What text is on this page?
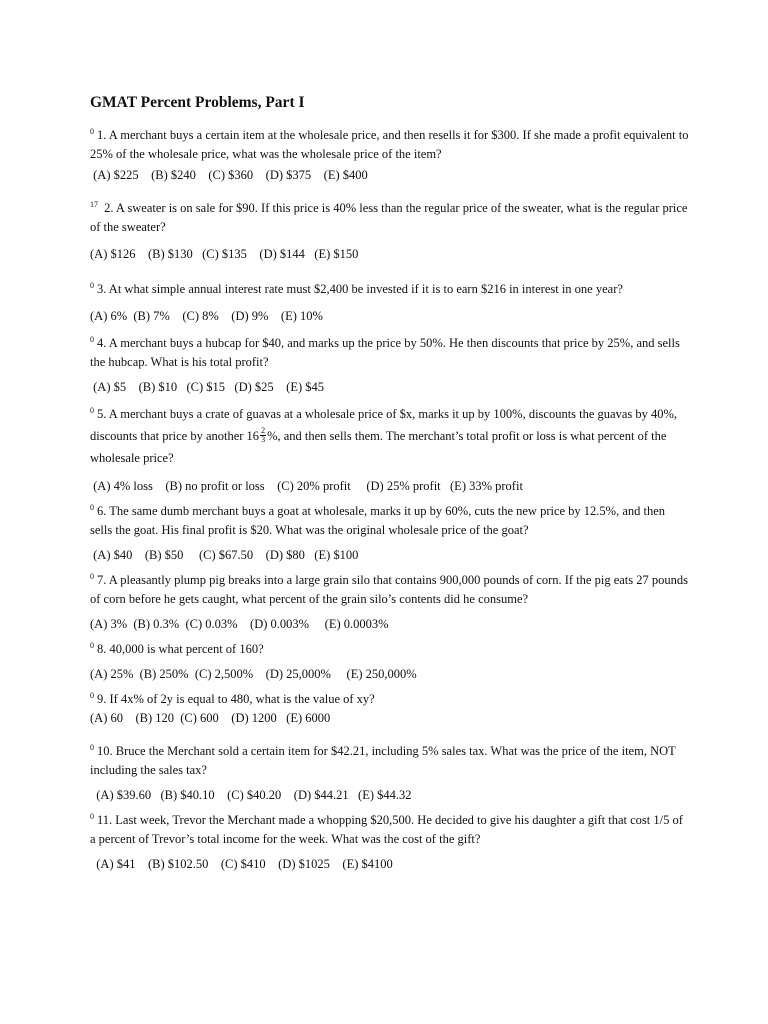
GMAT Percent Problems, Part I
$^0$ 1. A merchant buys a certain item at the wholesale price, and then resells it for $300. If she made a profit equivalent to 25% of the wholesale price, what was the wholesale price of the item?
(A) $225    (B) $240    (C) $360    (D) $375    (E) $400
$^{17}$ 2. A sweater is on sale for $90. If this price is 40% less than the regular price of the sweater, what is the regular price of the sweater?
(A) $126    (B) $130   (C) $135    (D) $144   (E) $150
$^0$ 3. At what simple annual interest rate must $2,400 be invested if it is to earn $216 in interest in one year?
(A) 6%  (B) 7%    (C) 8%    (D) 9%    (E) 10%
$^0$ 4. A merchant buys a hubcap for $40, and marks up the price by 50%. He then discounts that price by 25%, and sells the hubcap. What is his total profit?
(A) $5    (B) $10   (C) $15   (D) $25    (E) $45
$^0$ 5. A merchant buys a crate of guavas at a wholesale price of $x, marks it up by 100%, discounts the guavas by 40%, discounts that price by another $16 \frac{2}{3}$ %, and then sells them. The merchant’s total profit or loss is what percent of the wholesale price?
(A) 4% loss    (B) no profit or loss    (C) 20% profit     (D) 25% profit   (E) 33% profit
$^0$ 6. The same dumb merchant buys a goat at wholesale, marks it up by 60%, cuts the new price by 12.5%, and then sells the goat. His final profit is $20. What was the original wholesale price of the goat?
(A) $40    (B) $50     (C) $67.50    (D) $80   (E) $100
$^0$ 7. A pleasantly plump pig breaks into a large grain silo that contains 900,000 pounds of corn. If the pig eats 27 pounds of corn before he gets caught, what percent of the grain silo’s contents did he consume?
(A) 3%  (B) 0.3%  (C) 0.03%    (D) 0.003%     (E) 0.0003%
$^0$ 8. 40,000 is what percent of 160?
(A) 25%  (B) 250%  (C) 2,500%    (D) 25,000%     (E) 250,000%
$^0$ 9. If 4x% of 2y is equal to 480, what is the value of xy?
(A) 60    (B) 120  (C) 600    (D) 1200   (E) 6000
$^0$ 10. Bruce the Merchant sold a certain item for $42.21, including 5% sales tax. What was the price of the item, NOT including the sales tax?
(A) $39.60   (B) $40.10    (C) $40.20    (D) $44.21   (E) $44.32
$^0$ 11. Last week, Trevor the Merchant made a whopping $20,500. He decided to give his daughter a gift that cost 1/5 of a percent of Trevor’s total income for the week. What was the cost of the gift?
(A) $41    (B) $102.50    (C) $410    (D) $1025    (E) $4100
